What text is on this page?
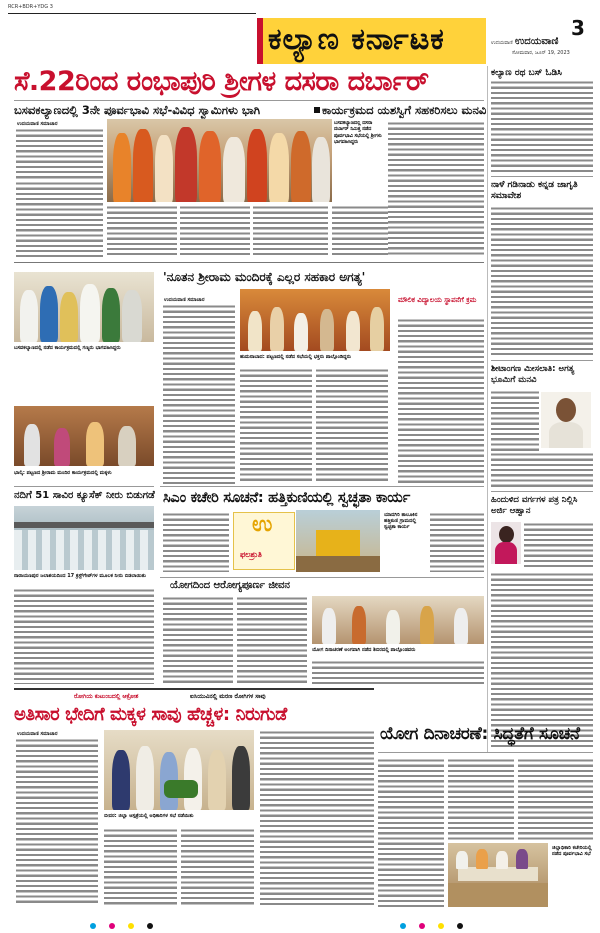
RCR+BDR+YDG 3
ಕಲ್ಯಾಣ ಕರ್ನಾಟಕ	3
ಉದಯವಾಣಿ ಉದಯವಾಣಿ
ಸೋಮವಾರ, ಜೂನ್ 19, 2023
ಸೆ.22ರಿಂದ ರಂಭಾಪುರಿ ಶ್ರೀಗಳ ದಸರಾ ದರ್ಬಾರ್
ಬಸವಕಲ್ಯಾಣದಲ್ಲಿ 3ನೇ ಪೂರ್ವಭಾವಿ ಸಭೆ-ವಿವಿಧ ಸ್ವಾಮಿಗಳು ಭಾಗಿ	ಕಾರ್ಯಕ್ರಮದ ಯಶಸ್ವಿಗೆ ಸಹಕರಿಸಲು ಮನವಿ
ಉದಯವಾಣಿ ಸಮಾಚಾರ	ಬಸವಕಲ್ಯಾಣದಲ್ಲಿ ದಸರಾ ದರ್ಬಾರ್ ನಿಮಿತ್ತ ನಡೆದ ಪೂರ್ವಭಾವಿ ಸಭೆಯಲ್ಲಿ ಶ್ರೀಗಳು ಭಾಗವಹಿಸಿದ್ದರು
ಕಲ್ಯಾಣ ರಥ ಬಸ್ ಓಡಿಸಿ
ನಾಳೆ ಗಡಿನಾಡು ಕನ್ನಡ ಜಾಗೃತಿ ಸಮಾವೇಶ
ಶೀಟಾಂಗಣ ಮೀಸಲಾತಿ: ಅಗತ್ಯ ಭೂಮಿಗೆ ಮನವಿ
ಹಿಂದುಳಿದ ವರ್ಗಗಳ ಪತ್ರ ನಿಲ್ಲಿಸಿ ಅರ್ಜಿ ಆಹ್ವಾನ
'ನೂತನ ಶ್ರೀರಾಮ ಮಂದಿರಕ್ಕೆ ಎಲ್ಲರ ಸಹಕಾರ ಅಗತ್ಯ'
ಬಸವಕಲ್ಯಾಣದಲ್ಲಿ ನಡೆದ ಕಾರ್ಯಕ್ರಮದಲ್ಲಿ ಗಣ್ಯರು ಭಾಗವಹಿಸಿದ್ದರು
ಭಾಲ್ಕಿ: ಪಟ್ಟಣದ ಶ್ರೀರಾಮ ಮಂದಿರ ಕಾರ್ಯಕ್ರಮದಲ್ಲಿ ಮಕ್ಕಳು
ಉದಯವಾಣಿ ಸಮಾಚಾರ
ಹುಮನಾಬಾದ: ಪಟ್ಟಣದಲ್ಲಿ ನಡೆದ ಸಭೆಯಲ್ಲಿ ಭಕ್ತರು ಪಾಲ್ಗೊಂಡಿದ್ದರು
ಮೌಲಿಕ ವಿದ್ಯಾಲಯ ಸ್ಥಾಪನೆಗೆ ಕ್ರಮ
ನದಿಗೆ 51 ಸಾವಿರ ಕ್ಯೂಸೆಕ್ ನೀರು ಬಿಡುಗಡೆ
ನಾರಾಯಣಪುರ ಜಲಾಶಯದಿಂದ 17 ಕ್ರಸ್ಟ್‌ಗೇಟ್‌ಗಳ ಮೂಲಕ ನೀರು ಬಿಡಲಾಯಿತು
ಸಿಎಂ ಕಚೇರಿ ಸೂಚನೆ: ಹತ್ತಿಕುಣಿಯಲ್ಲಿ ಸ್ವಚ್ಛತಾ ಕಾರ್ಯ
ಉ
ಫಲಶ್ರುತಿ
ಯಾದಗಿರಿ ತಾಲೂಕಿನ ಹತ್ತಿಕುಣಿ ಗ್ರಾಮದಲ್ಲಿ ಸ್ವಚ್ಛತಾ ಕಾರ್ಯ
ಯೋಗದಿಂದ ಆರೋಗ್ಯಪೂರ್ಣ ಜೀವನ
ಯೋಗ ದಿನಾಚರಣೆ ಅಂಗವಾಗಿ ನಡೆದ ಶಿಬಿರದಲ್ಲಿ ಪಾಲ್ಗೊಂಡವರು
ರೋಗಿಯ ಕುಟುಂಬದಲ್ಲಿ ಆಕ್ರೋಶ	ಐಸಿಯುವಿನಲ್ಲಿ ಮರಣ ರೋಗಿಗಳ ಸಾವು
ಅತಿಸಾರ ಭೇದಿಗೆ ಮಕ್ಕಳ ಸಾವು ಹೆಚ್ಚಳ: ನಿರುಗುಡೆ
ಉದಯವಾಣಿ ಸಮಾಚಾರ
ಬೀದರ: ಜಿಲ್ಲಾ ಆಸ್ಪತ್ರೆಯಲ್ಲಿ ಅಧಿಕಾರಿಗಳ ಸಭೆ ನಡೆಯಿತು
ಯೋಗ ದಿನಾಚರಣೆ: ಸಿದ್ಧತೆಗೆ ಸೂಚನೆ
ಜಿಲ್ಲಾಧಿಕಾರಿ ಕಚೇರಿಯಲ್ಲಿ ನಡೆದ ಪೂರ್ವಭಾವಿ ಸಭೆ
